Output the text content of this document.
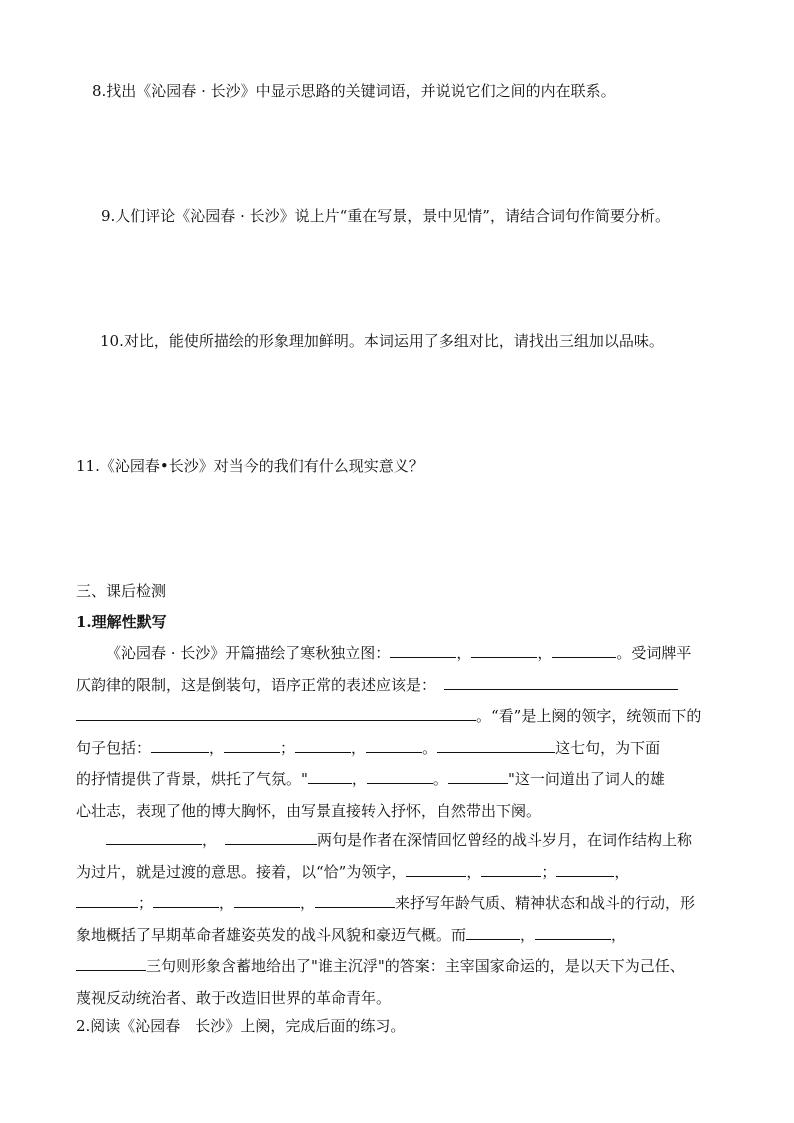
8.找出《沁园春 · 长沙》中显示思路的关键词语，并说说它们之间的内在联系。
9.人们评论《沁园春 · 长沙》说上片“重在写景，景中见情”，请结合词句作简要分析。
10.对比，能使所描绘的形象理加鲜明。本词运用了多组对比，请找出三组加以品味。
11.《沁园春•长沙》对当今的我们有什么现实意义？
三、课后检测
1.理解性默写

《沁园春 · 长沙》开篇描绘了寒秋独立图：	，	，	。受词牌平

仄韵律的限制，这是倒装句，语序正常的表述应该是：

。“看”是上阕的领字，统领而下的

句子包括：	，	；	，	。	这七句，为下面

的抒情提供了背景，烘托了气氛。"	，	。	"这一问道出了词人的雄

心壮志，表现了他的博大胸怀，由写景直接转入抒怀，自然带出下阕。

，	两句是作者在深情回忆曾经的战斗岁月，在词作结构上称

为过片，就是过渡的意思。接着，以“恰”为领字，	，	；	，

；	，	，	来抒写年龄气质、精神状态和战斗的行动，形

象地概括了早期革命者雄姿英发的战斗风貌和豪迈气概。而	，	，

三句则形象含蓄地给出了"谁主沉浮"的答案：主宰国家命运的，是以天下为己任、

蔑视反动统治者、敢于改造旧世界的革命青年。

2.阅读《沁园春　长沙》上阕，完成后面的练习。
